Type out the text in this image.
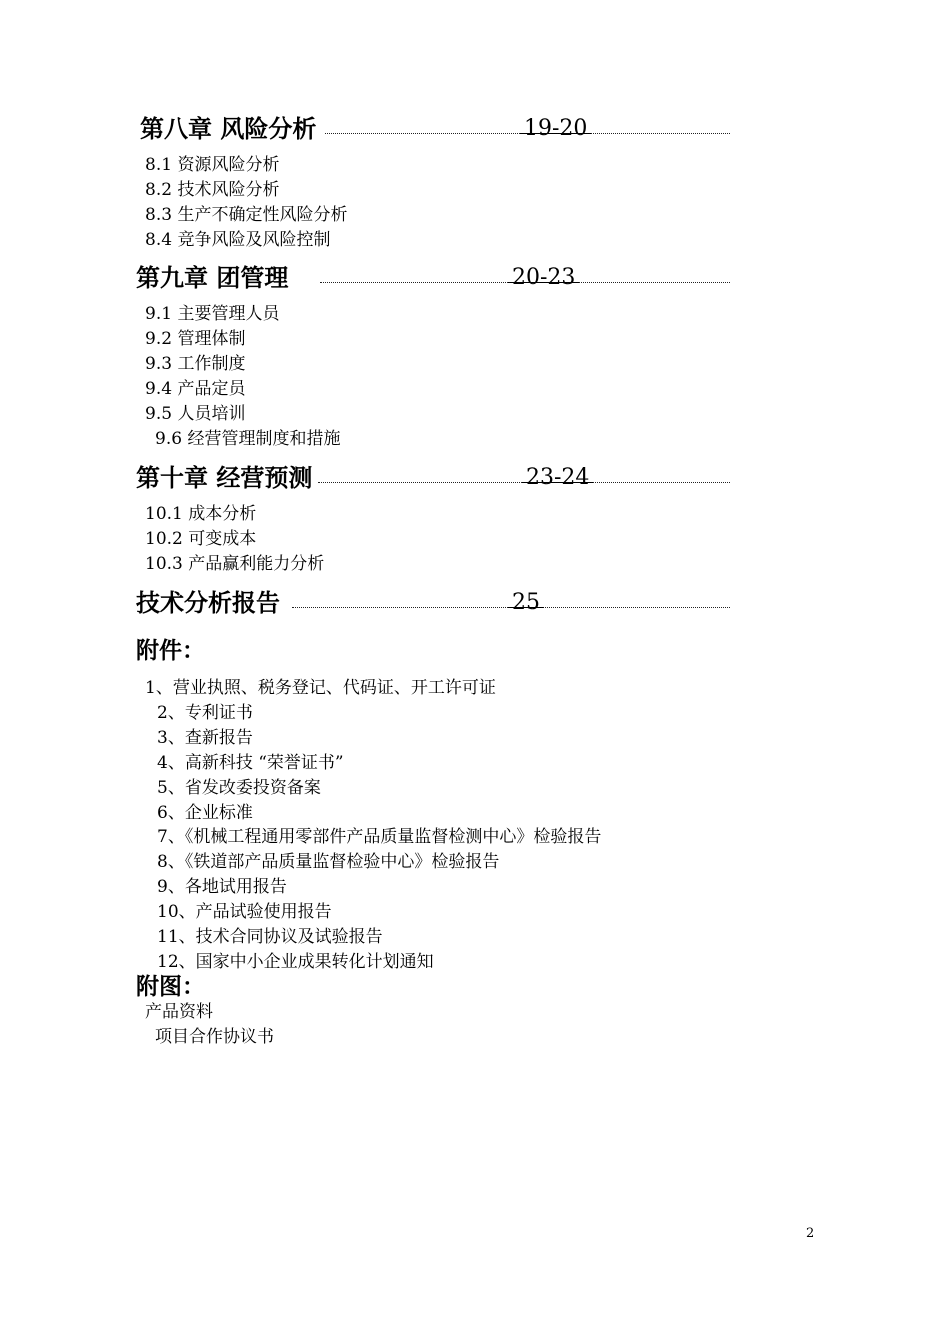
第八章 风险分析	19-20
8.1 资源风险分析
8.2 技术风险分析
8.3 生产不确定性风险分析
8.4 竞争风险及风险控制
第九章 团管理	20-23
9.1 主要管理人员
9.2 管理体制
9.3 工作制度
9.4 产品定员
9.5 人员培训
9.6 经营管理制度和措施
第十章 经营预测	23-24
10.1 成本分析
10.2 可变成本
10.3 产品赢利能力分析
技术分析报告	25
附件：
1、营业执照、税务登记、代码证、开工许可证
2、专利证书
3、查新报告
4、高新科技 “荣誉证书”
5、省发改委投资备案
6、企业标准
7、《机械工程通用零部件产品质量监督检测中心》检验报告
8、《铁道部产品质量监督检验中心》检验报告
9、各地试用报告
10、产品试验使用报告
11、技术合同协议及试验报告
12、国家中小企业成果转化计划通知
附图：
产品资料
项目合作协议书
2
